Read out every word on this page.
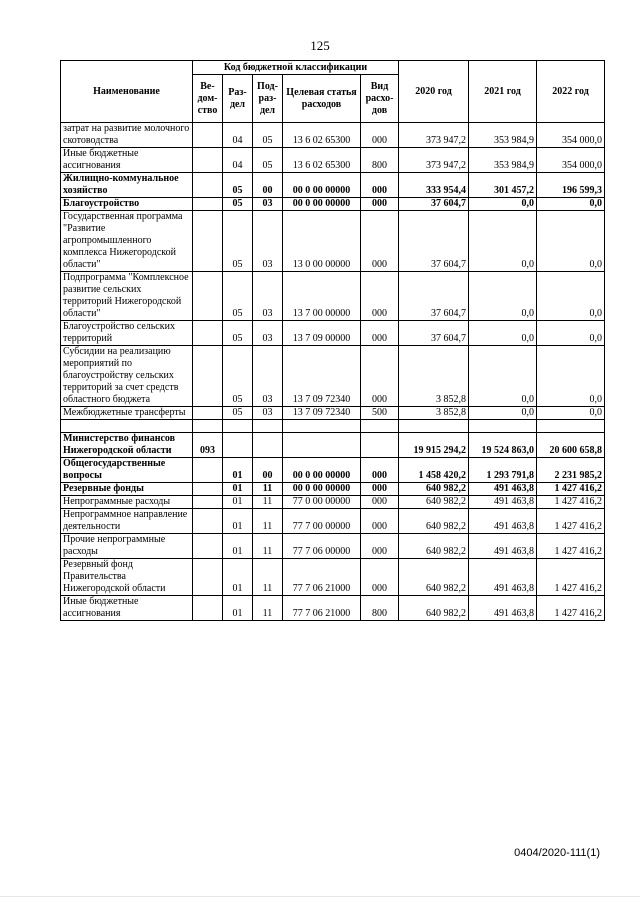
125
Наименование	Код бюджетной классификации					2020 год	2021 год	2022 год
	Ве-дом-ство	Раз-дел	Под-раз-дел	Целевая статья расходов	Вид расхо-дов			
затрат на развитие молочного скотоводства		04	05	13 6 02 65300	000	373 947,2	353 984,9	354 000,0
Иные бюджетные ассигнования		04	05	13 6 02 65300	800	373 947,2	353 984,9	354 000,0
Жилищно-коммунальное хозяйство		05	00	00 0 00 00000	000	333 954,4	301 457,2	196 599,3
Благоустройство		05	03	00 0 00 00000	000	37 604,7	0,0	0,0
Государственная программа "Развитие агропромышленного комплекса Нижегородской области"		05	03	13 0 00 00000	000	37 604,7	0,0	0,0
Подпрограмма "Комплексное развитие сельских территорий Нижегородской области"		05	03	13 7 00 00000	000	37 604,7	0,0	0,0
Благоустройство сельских территорий		05	03	13 7 09 00000	000	37 604,7	0,0	0,0
Субсидии на реализацию мероприятий по благоустройству сельских территорий за счет средств областного бюджета		05	03	13 7 09 72340	000	3 852,8	0,0	0,0
Межбюджетные трансферты		05	03	13 7 09 72340	500	3 852,8	0,0	0,0

Министерство финансов Нижегородской области	093					19 915 294,2	19 524 863,0	20 600 658,8
Общегосударственные вопросы		01	00	00 0 00 00000	000	1 458 420,2	1 293 791,8	2 231 985,2
Резервные фонды		01	11	00 0 00 00000	000	640 982,2	491 463,8	1 427 416,2
Непрограммные расходы		01	11	77 0 00 00000	000	640 982,2	491 463,8	1 427 416,2
Непрограммное направление деятельности		01	11	77 7 00 00000	000	640 982,2	491 463,8	1 427 416,2
Прочие непрограммные расходы		01	11	77 7 06 00000	000	640 982,2	491 463,8	1 427 416,2
Резервный фонд Правительства Нижегородской области		01	11	77 7 06 21000	000	640 982,2	491 463,8	1 427 416,2
Иные бюджетные ассигнования		01	11	77 7 06 21000	800	640 982,2	491 463,8	1 427 416,2
0404/2020-111(1)
